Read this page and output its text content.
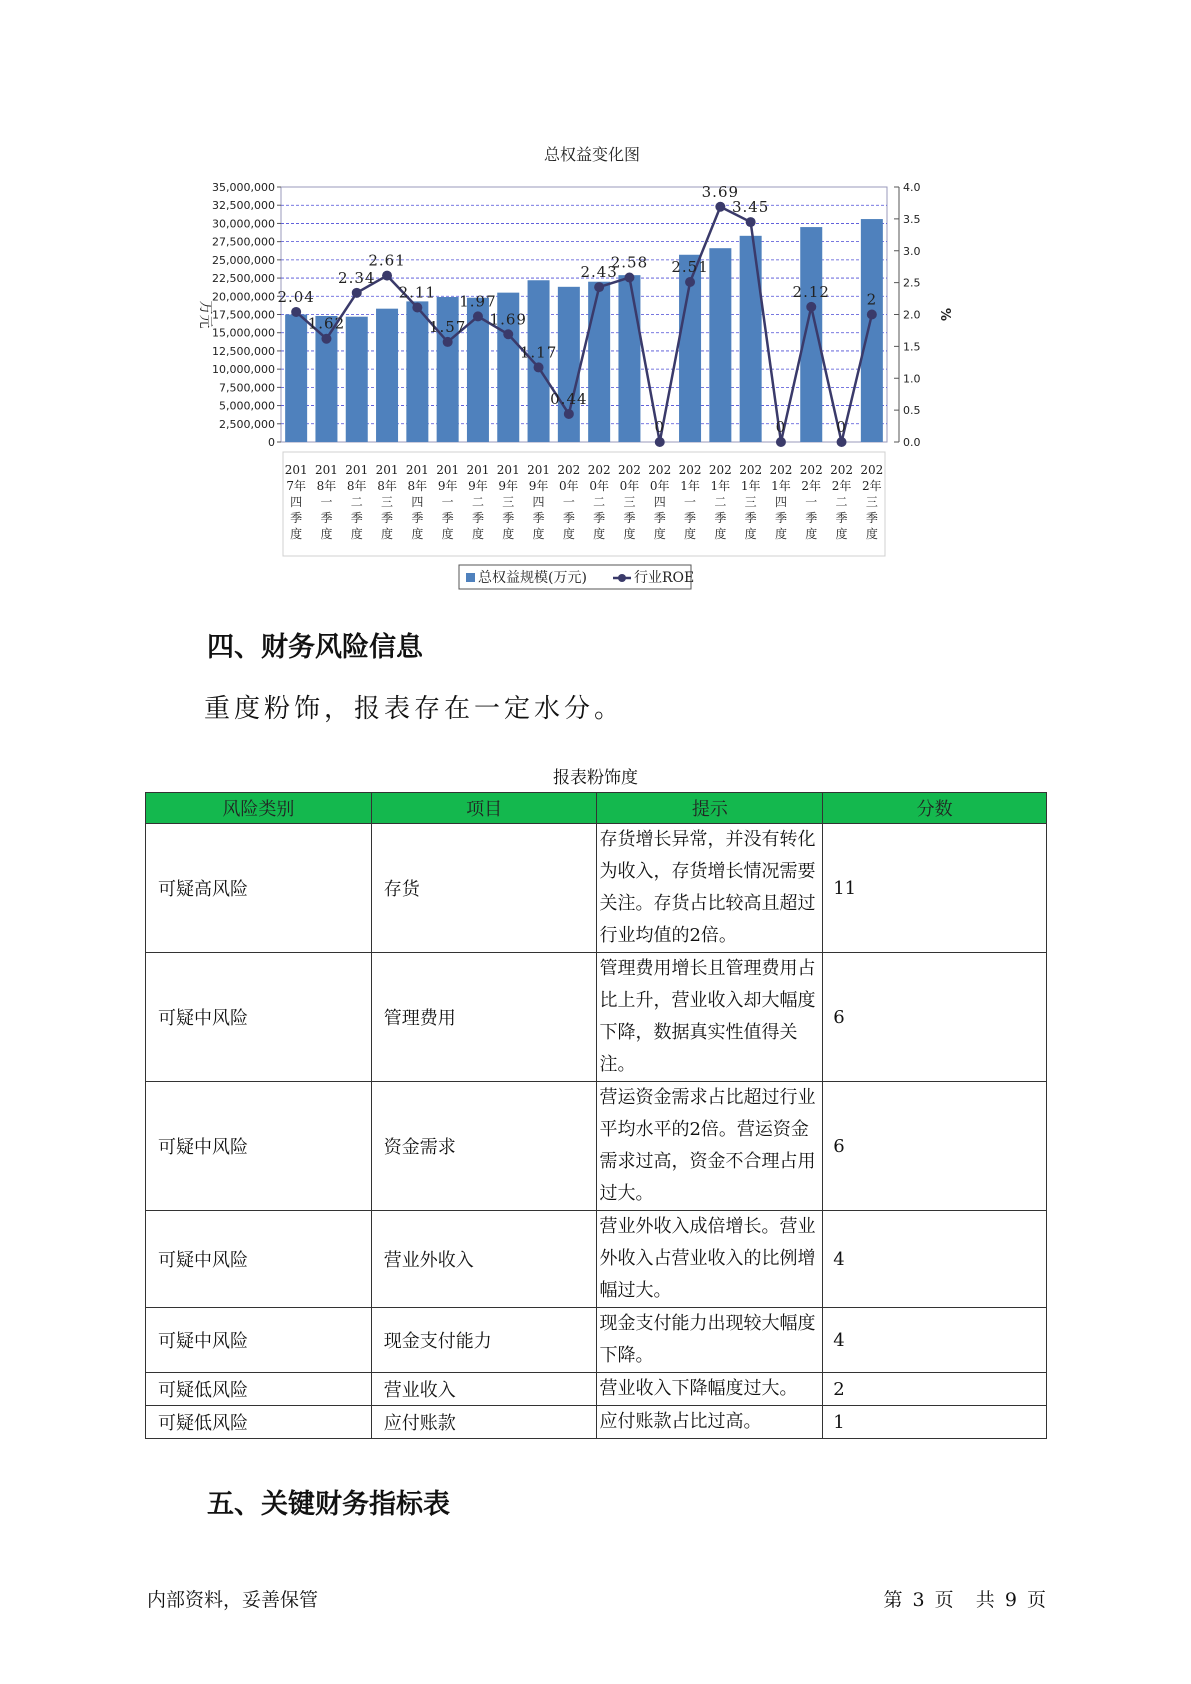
总权益变化图
35,000,000
32,500,000
30,000,000
27,500,000
25,000,000
22,500,000
20,000,000
17,500,000
15,000,000
12,500,000
10,000,000
7,500,000
5,000,000
2,500,000
0
4.0
3.5
3.0
2.5
2.0
1.5
1.0
0.5
0.0
万元	%
2.04
1.62
2.34
2.61
2.11
1.57
1.97
1.69
1.17
0.44
2.43
2.58
0
2.51
3.69
3.45
0
2.12
0
2
201
7年
四
季
度
201
8年
一
季
度
201
8年
二
季
度
201
8年
三
季
度
201
8年
四
季
度
201
9年
一
季
度
201
9年
二
季
度
201
9年
三
季
度
201
9年
四
季
度
202
0年
一
季
度
202
0年
二
季
度
202
0年
三
季
度
202
0年
四
季
度
202
1年
一
季
度
202
1年
二
季
度
202
1年
三
季
度
202
1年
四
季
度
202
2年
一
季
度
202
2年
二
季
度
202
2年
三
季
度
总权益规模(万元)	行业ROE
四、财务风险信息

重度粉饰，报表存在一定水分。

报表粉饰度
风险类别	项目	提示	分数
可疑高风险	存货	存货增长异常，并没有转化为收入，存货增长情况需要关注。存货占比较高且超过行业均值的2倍。	11
可疑中风险	管理费用	管理费用增长且管理费用占比上升，营业收入却大幅度下降，数据真实性值得关注。	6
可疑中风险	资金需求	营运资金需求占比超过行业平均水平的2倍。营运资金需求过高，资金不合理占用过大。	6
可疑中风险	营业外收入	营业外收入成倍增长。营业外收入占营业收入的比例增幅过大。	4
可疑中风险	现金支付能力	现金支付能力出现较大幅度下降。	4
可疑低风险	营业收入	营业收入下降幅度过大。	2
可疑低风险	应付账款	应付账款占比过高。	1
五、关键财务指标表
内部资料，妥善保管	第 3 页 共 9 页
